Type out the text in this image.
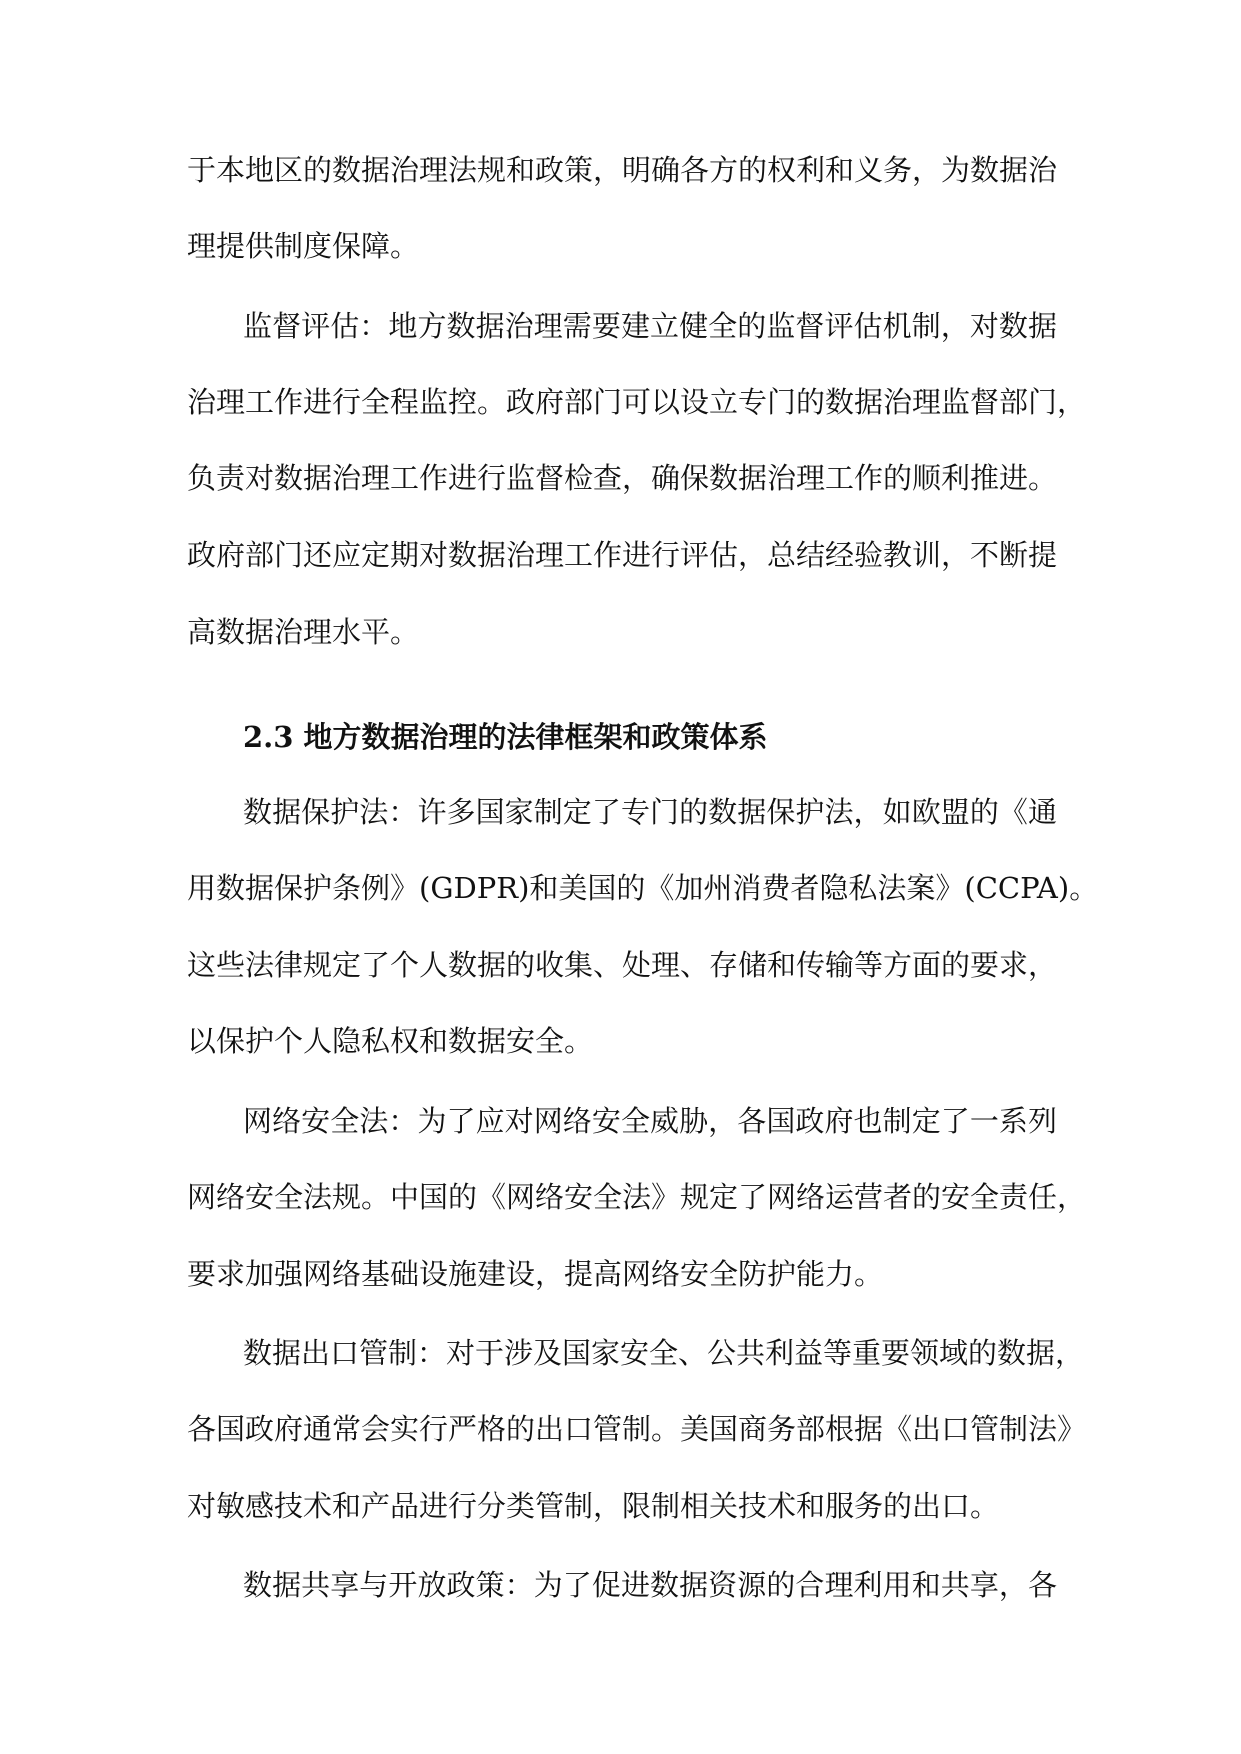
于本地区的数据治理法规和政策，明确各方的权利和义务，为数据治
理提供制度保障。
监督评估：地方数据治理需要建立健全的监督评估机制，对数据
治理工作进行全程监控。政府部门可以设立专门的数据治理监督部门，
负责对数据治理工作进行监督检查，确保数据治理工作的顺利推进。
政府部门还应定期对数据治理工作进行评估，总结经验教训，不断提
高数据治理水平。
2.3 地方数据治理的法律框架和政策体系
数据保护法：许多国家制定了专门的数据保护法，如欧盟的《通
用数据保护条例》(GDPR)和美国的《加州消费者隐私法案》(CCPA)。
这些法律规定了个人数据的收集、处理、存储和传输等方面的要求，
以保护个人隐私权和数据安全。
网络安全法：为了应对网络安全威胁，各国政府也制定了一系列
网络安全法规。中国的《网络安全法》规定了网络运营者的安全责任，
要求加强网络基础设施建设，提高网络安全防护能力。
数据出口管制：对于涉及国家安全、公共利益等重要领域的数据，
各国政府通常会实行严格的出口管制。美国商务部根据《出口管制法》
对敏感技术和产品进行分类管制，限制相关技术和服务的出口。
数据共享与开放政策：为了促进数据资源的合理利用和共享，各
